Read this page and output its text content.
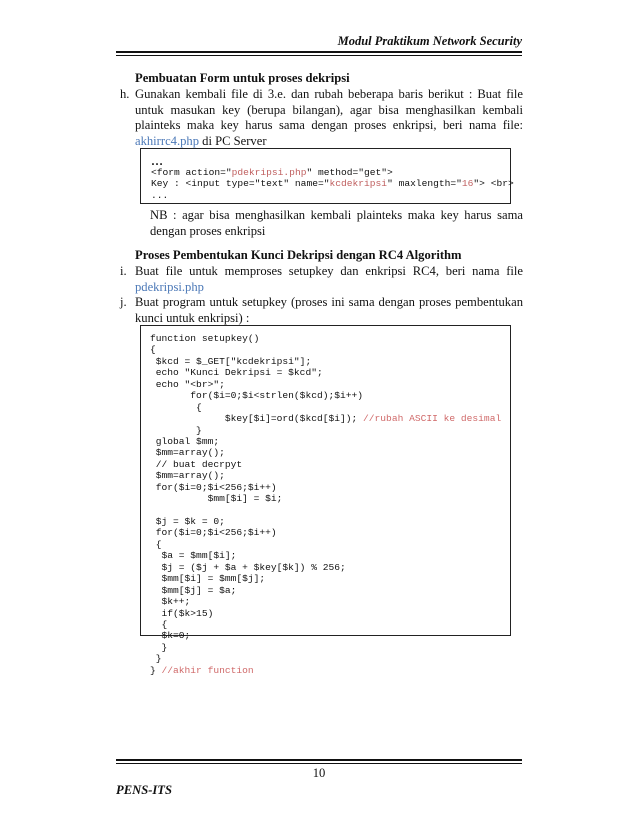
Modul Praktikum Network Security
Pembuatan Form untuk proses dekripsi
h. Gunakan kembali file di 3.e. dan rubah beberapa baris berikut : Buat file untuk masukan key (berupa bilangan), agar bisa menghasilkan kembali plainteks maka key harus sama dengan proses enkripsi, beri nama file: akhirrc4.php di PC Server
…
<form action="pdekripsi.php" method="get">
Key : <input type="text" name="kcdekripsi" maxlength="16"> <br>
...
NB : agar bisa menghasilkan kembali plainteks maka key harus sama dengan proses enkripsi
Proses Pembentukan Kunci Dekripsi dengan RC4 Algorithm
i. Buat file untuk memproses setupkey dan enkripsi RC4, beri nama file
pdekripsi.php
j. Buat program untuk setupkey (proses ini sama dengan proses pembentukan kunci untuk enkripsi) :
function setupkey()
{
$kcd = $_GET["kcdekripsi"];
echo "Kunci Dekripsi = $kcd";
echo "<br>";
for($i=0;$i<strlen($kcd);$i++)
{
$key[$i]=ord($kcd[$i]); //rubah ASCII ke desimal
}
global $mm;
$mm=array();
// buat decrpyt
$mm=array();
for($i=0;$i<256;$i++)
$mm[$i] = $i;
$j = $k = 0;
for($i=0;$i<256;$i++)
{
$a = $mm[$i];
$j = ($j + $a + $key[$k]) % 256;
$mm[$i] = $mm[$j];
$mm[$j] = $a;
$k++;
if($k>15)
{
$k=0;
}
}
} //akhir function
10
PENS-ITS
